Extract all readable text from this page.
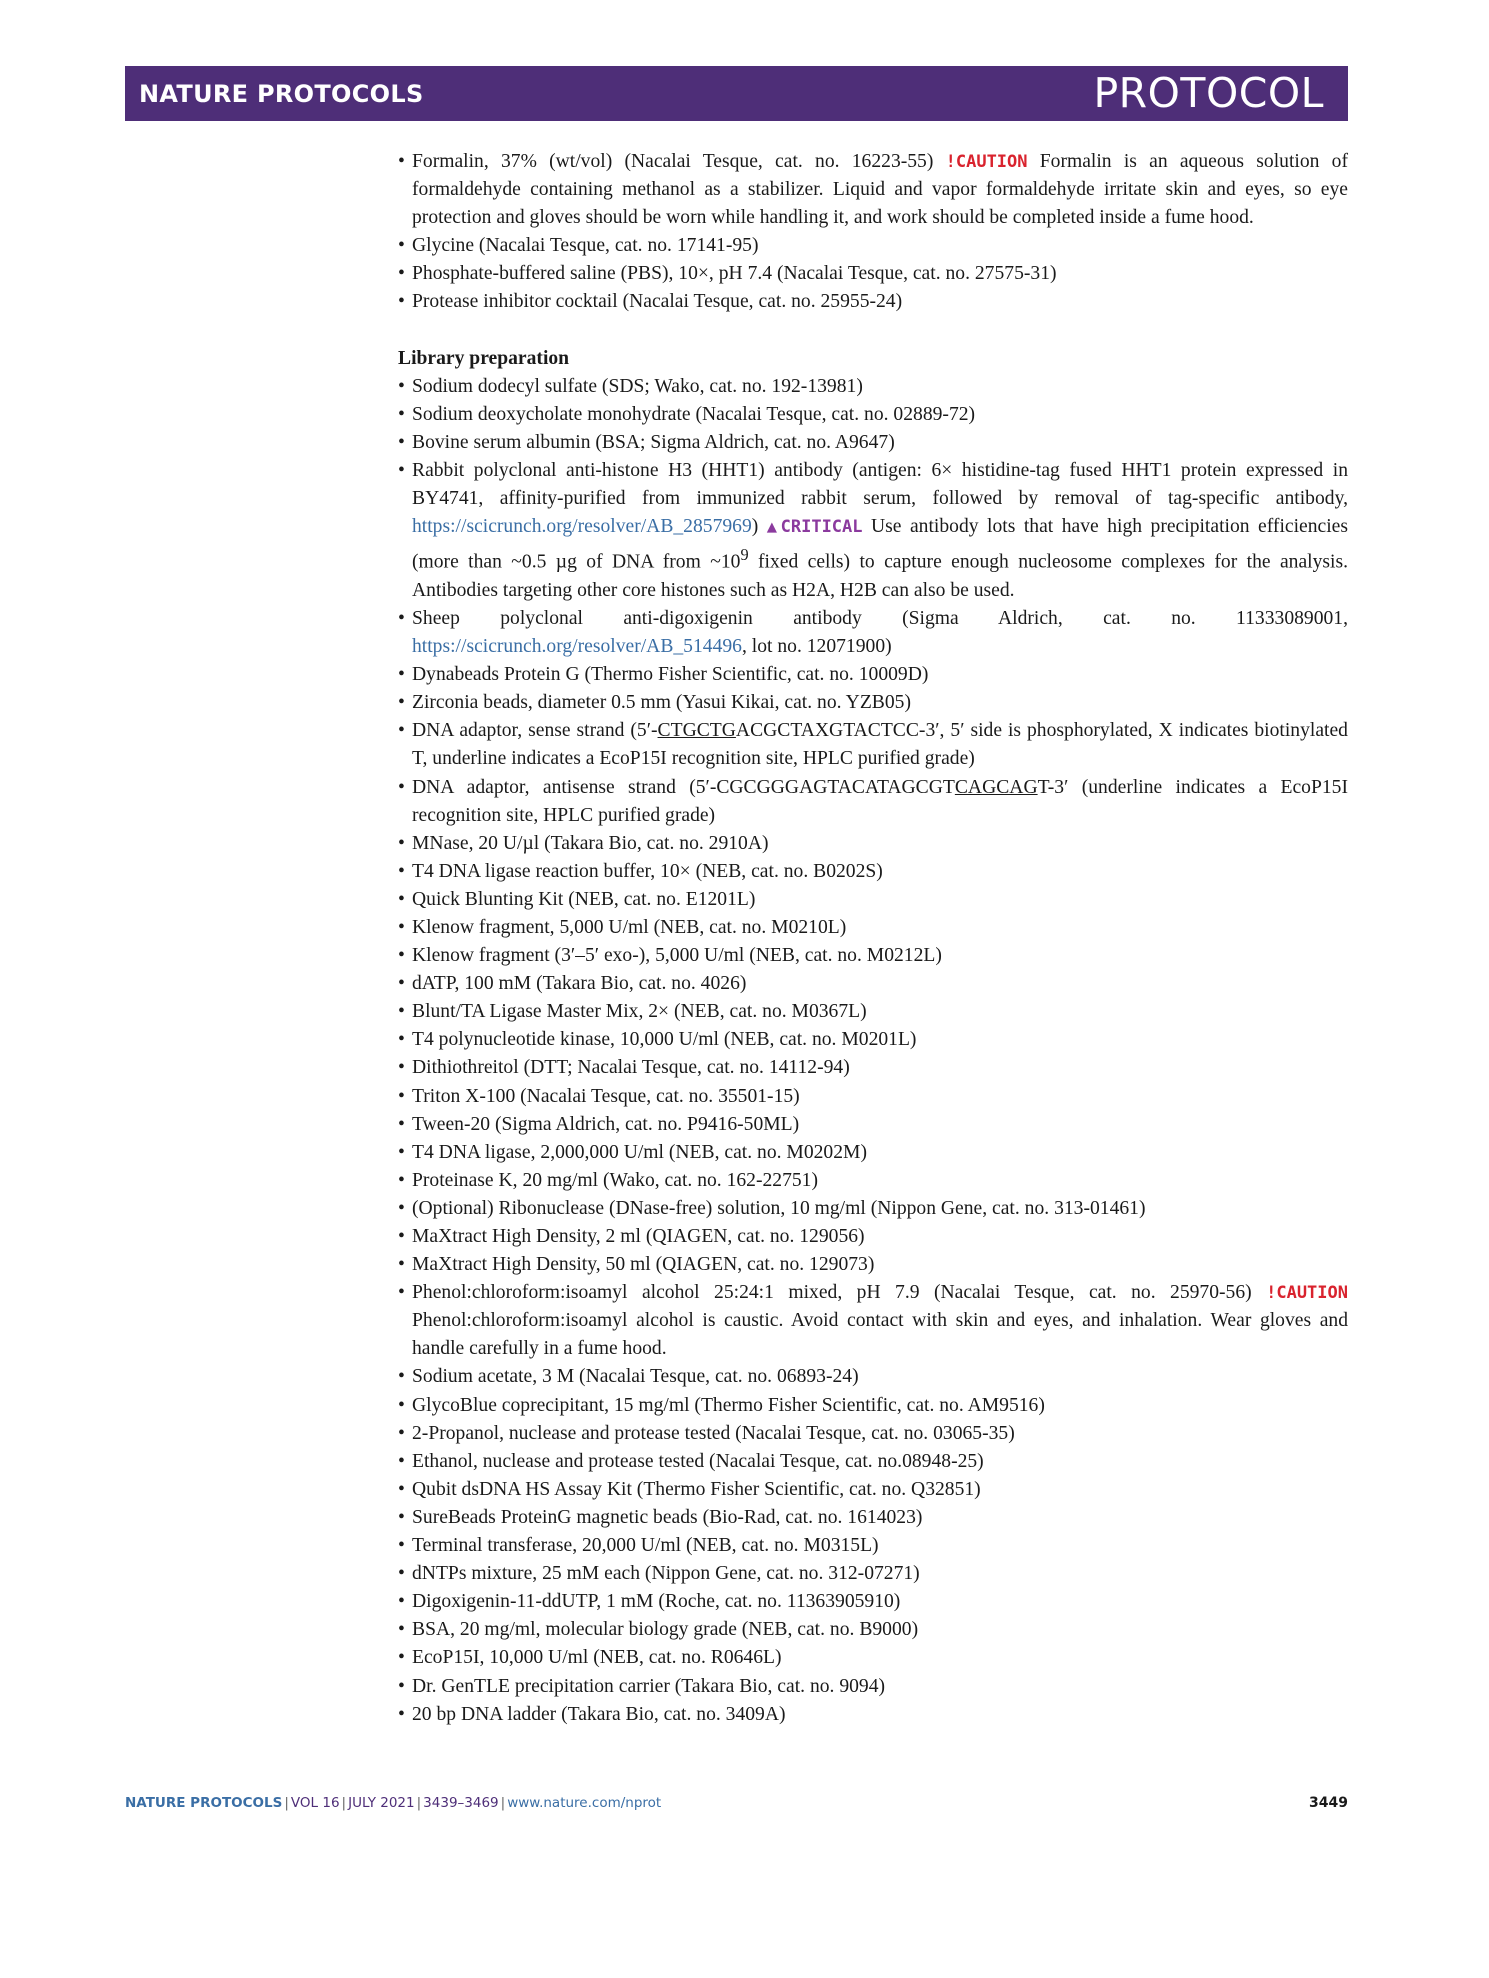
NATURE PROTOCOLS	PROTOCOL
• Formalin, 37% (wt/vol) (Nacalai Tesque, cat. no. 16223-55) !CAUTION Formalin is an aqueous solution of formaldehyde containing methanol as a stabilizer. Liquid and vapor formaldehyde irritate skin and eyes, so eye protection and gloves should be worn while handling it, and work should be completed inside a fume hood.
• Glycine (Nacalai Tesque, cat. no. 17141-95)
• Phosphate-buffered saline (PBS), 10×, pH 7.4 (Nacalai Tesque, cat. no. 27575-31)
• Protease inhibitor cocktail (Nacalai Tesque, cat. no. 25955-24)

Library preparation

• Sodium dodecyl sulfate (SDS; Wako, cat. no. 192-13981)
• Sodium deoxycholate monohydrate (Nacalai Tesque, cat. no. 02889-72)
• Bovine serum albumin (BSA; Sigma Aldrich, cat. no. A9647)
• Rabbit polyclonal anti-histone H3 (HHT1) antibody (antigen: 6× histidine-tag fused HHT1 protein expressed in BY4741, affinity-purified from immunized rabbit serum, followed by removal of tag-specific antibody, https://scicrunch.org/resolver/AB_2857969) ▲CRITICAL Use antibody lots that have high precipitation efficiencies (more than ~0.5 µg of DNA from $\sim 10^9$ fixed cells) to capture enough nucleosome complexes for the analysis. Antibodies targeting other core histones such as H2A, H2B can also be used.
• Sheep polyclonal anti-digoxigenin antibody (Sigma Aldrich, cat. no. 11333089001, https://scicrunch.org/resolver/AB_514496, lot no. 12071900)
• Dynabeads Protein G (Thermo Fisher Scientific, cat. no. 10009D)
• Zirconia beads, diameter 0.5 mm (Yasui Kikai, cat. no. YZB05)
• DNA adaptor, sense strand (5′-CTGCTGACGCTAXGTACTCC-3′, 5′ side is phosphorylated, X indicates biotinylated T, underline indicates a EcoP15I recognition site, HPLC purified grade)
• DNA adaptor, antisense strand (5′-CGCGGGAGTACATAGCGTCAGCAGT-3′ (underline indicates a EcoP15I recognition site, HPLC purified grade)
• MNase, 20 U/µl (Takara Bio, cat. no. 2910A)
• T4 DNA ligase reaction buffer, 10× (NEB, cat. no. B0202S)
• Quick Blunting Kit (NEB, cat. no. E1201L)
• Klenow fragment, 5,000 U/ml (NEB, cat. no. M0210L)
• Klenow fragment (3′–5′ exo-), 5,000 U/ml (NEB, cat. no. M0212L)
• dATP, 100 mM (Takara Bio, cat. no. 4026)
• Blunt/TA Ligase Master Mix, 2× (NEB, cat. no. M0367L)
• T4 polynucleotide kinase, 10,000 U/ml (NEB, cat. no. M0201L)
• Dithiothreitol (DTT; Nacalai Tesque, cat. no. 14112-94)
• Triton X-100 (Nacalai Tesque, cat. no. 35501-15)
• Tween-20 (Sigma Aldrich, cat. no. P9416-50ML)
• T4 DNA ligase, 2,000,000 U/ml (NEB, cat. no. M0202M)
• Proteinase K, 20 mg/ml (Wako, cat. no. 162-22751)
• (Optional) Ribonuclease (DNase-free) solution, 10 mg/ml (Nippon Gene, cat. no. 313-01461)
• MaXtract High Density, 2 ml (QIAGEN, cat. no. 129056)
• MaXtract High Density, 50 ml (QIAGEN, cat. no. 129073)
• Phenol:chloroform:isoamyl alcohol 25:24:1 mixed, pH 7.9 (Nacalai Tesque, cat. no. 25970-56) !CAUTION Phenol:chloroform:isoamyl alcohol is caustic. Avoid contact with skin and eyes, and inhalation. Wear gloves and handle carefully in a fume hood.
• Sodium acetate, 3 M (Nacalai Tesque, cat. no. 06893-24)
• GlycoBlue coprecipitant, 15 mg/ml (Thermo Fisher Scientific, cat. no. AM9516)
• 2-Propanol, nuclease and protease tested (Nacalai Tesque, cat. no. 03065-35)
• Ethanol, nuclease and protease tested (Nacalai Tesque, cat. no.08948-25)
• Qubit dsDNA HS Assay Kit (Thermo Fisher Scientific, cat. no. Q32851)
• SureBeads ProteinG magnetic beads (Bio-Rad, cat. no. 1614023)
• Terminal transferase, 20,000 U/ml (NEB, cat. no. M0315L)
• dNTPs mixture, 25 mM each (Nippon Gene, cat. no. 312-07271)
• Digoxigenin-11-ddUTP, 1 mM (Roche, cat. no. 11363905910)
• BSA, 20 mg/ml, molecular biology grade (NEB, cat. no. B9000)
• EcoP15I, 10,000 U/ml (NEB, cat. no. R0646L)
• Dr. GenTLE precipitation carrier (Takara Bio, cat. no. 9094)
• 20 bp DNA ladder (Takara Bio, cat. no. 3409A)
NATURE PROTOCOLS | VOL 16 | JULY 2021 | 3439–3469 | www.nature.com/nprot	3449
